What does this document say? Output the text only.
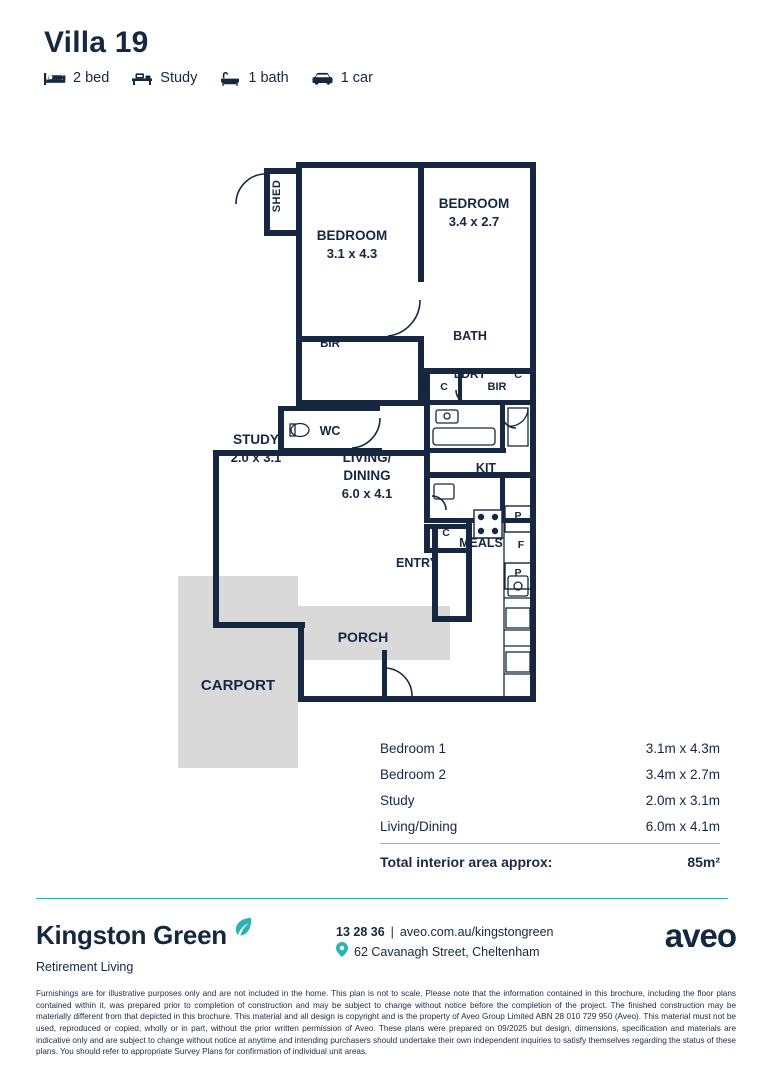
Villa 19
2 bed	Study	1 bath	1 car
SHED
BEDROOM
3.1 x 4.3
BEDROOM
3.4 x 2.7
C	BIR
BIR
BATH
WC
LDRY	C
C
STUDY
2.0 x 3.1
KIT
LIVING/
DINING
6.0 x 4.1
MEALS
P
F
P
ENTRY
PORCH
CARPORT
Bedroom 1	3.1m x 4.3m
Bedroom 2	3.4m x 2.7m
Study	2.0m x 3.1m
Living/Dining	6.0m x 4.1m
Total interior area approx:	85m²
Kingston Green
Retirement Living
13 28 36 | aveo.com.au/kingstongreen
62 Cavanagh Street, Cheltenham	aveo
Furnishings are for illustrative purposes only and are not included in the home. This plan is not to scale. Please note that the information contained in this brochure, including the floor plans contained within it, was prepared prior to completion of construction and may be subject to change without notice before the completion of the project. The finished construction may be materially different from that depicted in this brochure. This material and all design is copyright and is the property of Aveo Group Limited ABN 28 010 729 950 (Aveo). This material must not be used, reproduced or copied, wholly or in part, without the prior written permission of Aveo. These plans were prepared on 09/2025 but design, dimensions, specification and materials are indicative only and are subject to change without notice at anytime and intending purchasers should undertake their own independent inquiries to satisfy themselves regarding the status of these plans. You should refer to appropriate Survey Plans for confirmation of individual unit areas.
